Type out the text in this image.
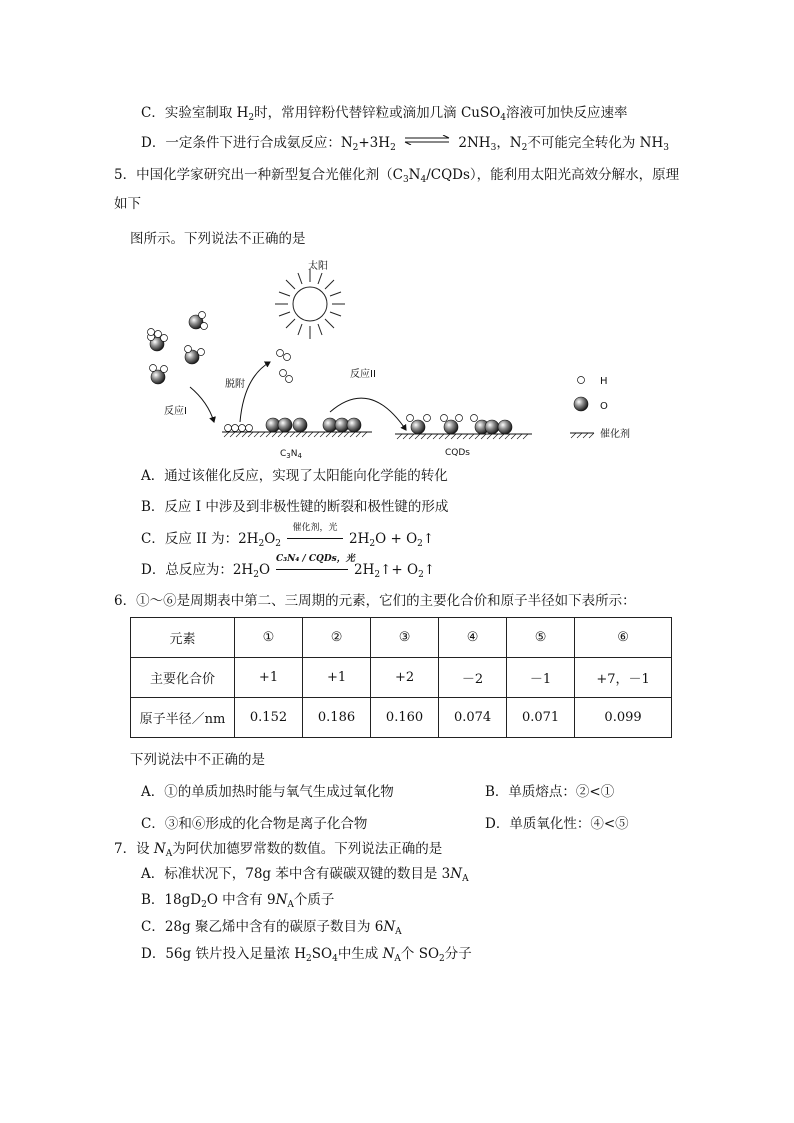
C．实验室制取 $H_2$时，常用锌粉代替锌粒或滴加几滴 CuSO$_4$溶液可加快反应速率
D．一定条件下进行合成氨反应：$N_2+3H_2$ ⇌ $2NH_3$，$N_2$不可能完全转化为 $NH_3$
5．中国化学家研究出一种新型复合光催化剂$(C_3N_4/CQDs)$，能利用太阳光高效分解水，原理
如下
图所示。下列说法不正确的是
太阳
反应I
脱附
$C_3N_4$
反应II
CQDs
H
O
催化剂
A．通过该催化反应，实现了太阳能向化学能的转化
B．反应 I 中涉及到非极性键的断裂和极性键的形成
C．反应 II 为：$2H_2O_2$
催化剂，光
$2H_2O$ + $O_2↑$
D．总反应为：$2H_2O$
C₃N₄ / CQDs，光
$2H_2↑+$ $O_2↑$
6．①～⑥是周期表中第二、三周期的元素，它们的主要化合价和原子半径如下表所示：
元素	①	②	③	④	⑤	⑥
主要化合价	+1	+1	+2	－2	－1	+7，－1
原子半径／nm	0.152	0.186	0.160	0.074	0.071	0.099
下列说法中不正确的是
A．①的单质加热时能与氧气生成过氧化物	B．单质熔点：②<①
C．③和⑥形成的化合物是离子化合物	D．单质氧化性：④<⑤
7．设 $N_A$为阿伏加德罗常数的数值。下列说法正确的是
A．标准状况下，78g 苯中含有碳碳双键的数目是 $3N_A$
B．$18gD_2O$ 中含有 $9N_A$个质子
C．28g 聚乙烯中含有的碳原子数目为 $6N_A$
D．56g 铁片投入足量浓 $H_2SO_4$中生成 $N_A$个 $SO_2$分子
